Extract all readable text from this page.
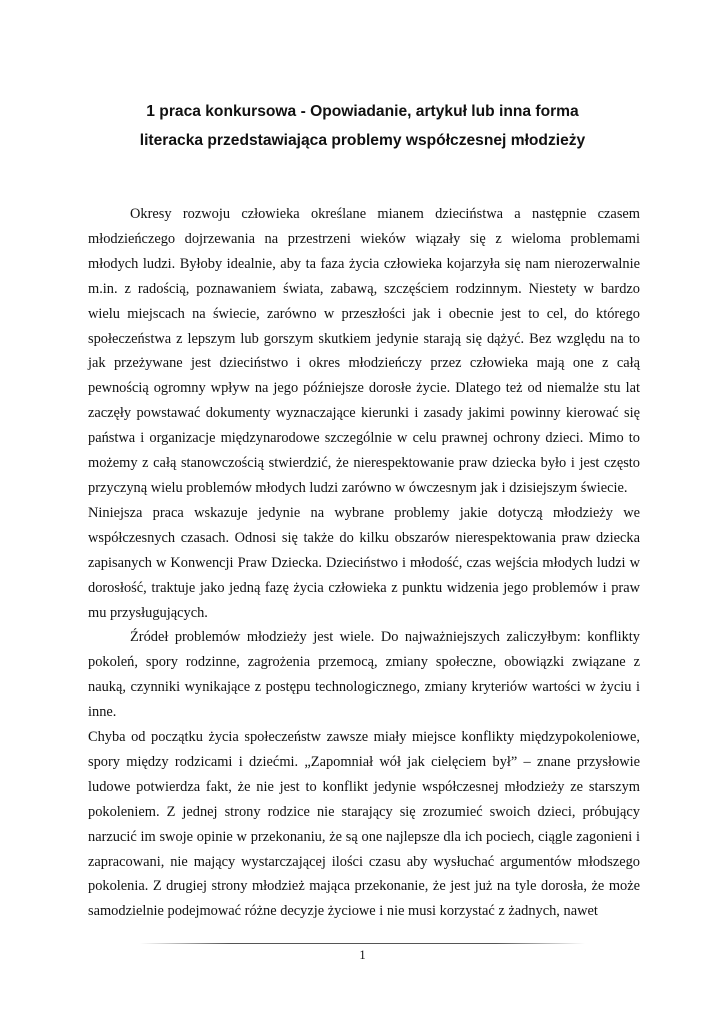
1 praca konkursowa - Opowiadanie, artykuł lub inna forma
literacka przedstawiająca problemy współczesnej młodzieży

Okresy rozwoju człowieka określane mianem dzieciństwa a następnie czasem młodzieńczego dojrzewania na przestrzeni wieków wiązały się z wieloma problemami młodych ludzi. Byłoby idealnie, aby ta faza życia człowieka kojarzyła się nam nierozerwalnie m.in. z radością, poznawaniem świata, zabawą, szczęściem rodzinnym. Niestety w bardzo wielu miejscach na świecie, zarówno w przeszłości jak i obecnie jest to cel, do którego społeczeństwa z lepszym lub gorszym skutkiem jedynie starają się dążyć. Bez względu na to jak przeżywane jest dzieciństwo i okres młodzieńczy przez człowieka mają one z całą pewnością ogromny wpływ na jego późniejsze dorosłe życie. Dlatego też od niemalże stu lat zaczęły powstawać dokumenty wyznaczające kierunki i zasady jakimi powinny kierować się państwa i organizacje międzynarodowe szczególnie w celu prawnej ochrony dzieci. Mimo to możemy z całą stanowczością stwierdzić, że nierespektowanie praw dziecka było i jest często przyczyną wielu problemów młodych ludzi zarówno w ówczesnym jak i dzisiejszym świecie.

Niniejsza praca wskazuje jedynie na wybrane problemy jakie dotyczą młodzieży we współczesnych czasach. Odnosi się także do kilku obszarów nierespektowania praw dziecka zapisanych w Konwencji Praw Dziecka. Dzieciństwo i młodość, czas wejścia młodych ludzi w dorosłość, traktuje jako jedną fazę życia człowieka z punktu widzenia jego problemów i praw mu przysługujących.

Źródeł problemów młodzieży jest wiele. Do najważniejszych zaliczyłbym: konflikty pokoleń, spory rodzinne, zagrożenia przemocą, zmiany społeczne, obowiązki związane z nauką, czynniki wynikające z postępu technologicznego, zmiany kryteriów wartości w życiu i inne.

Chyba od początku życia społeczeństw zawsze miały miejsce konflikty międzypokoleniowe, spory między rodzicami i dziećmi. „Zapomniał wół jak cielęciem był” – znane przysłowie ludowe potwierdza fakt, że nie jest to konflikt jedynie współczesnej młodzieży ze starszym pokoleniem. Z jednej strony rodzice nie starający się zrozumieć swoich dzieci, próbujący narzucić im swoje opinie w przekonaniu, że są one najlepsze dla ich pociech, ciągle zagonieni i zapracowani, nie mający wystarczającej ilości czasu aby wysłuchać argumentów młodszego pokolenia. Z drugiej strony młodzież mająca przekonanie, że jest już na tyle dorosła, że może samodzielnie podejmować różne decyzje życiowe i nie musi korzystać z żadnych, nawet

1
